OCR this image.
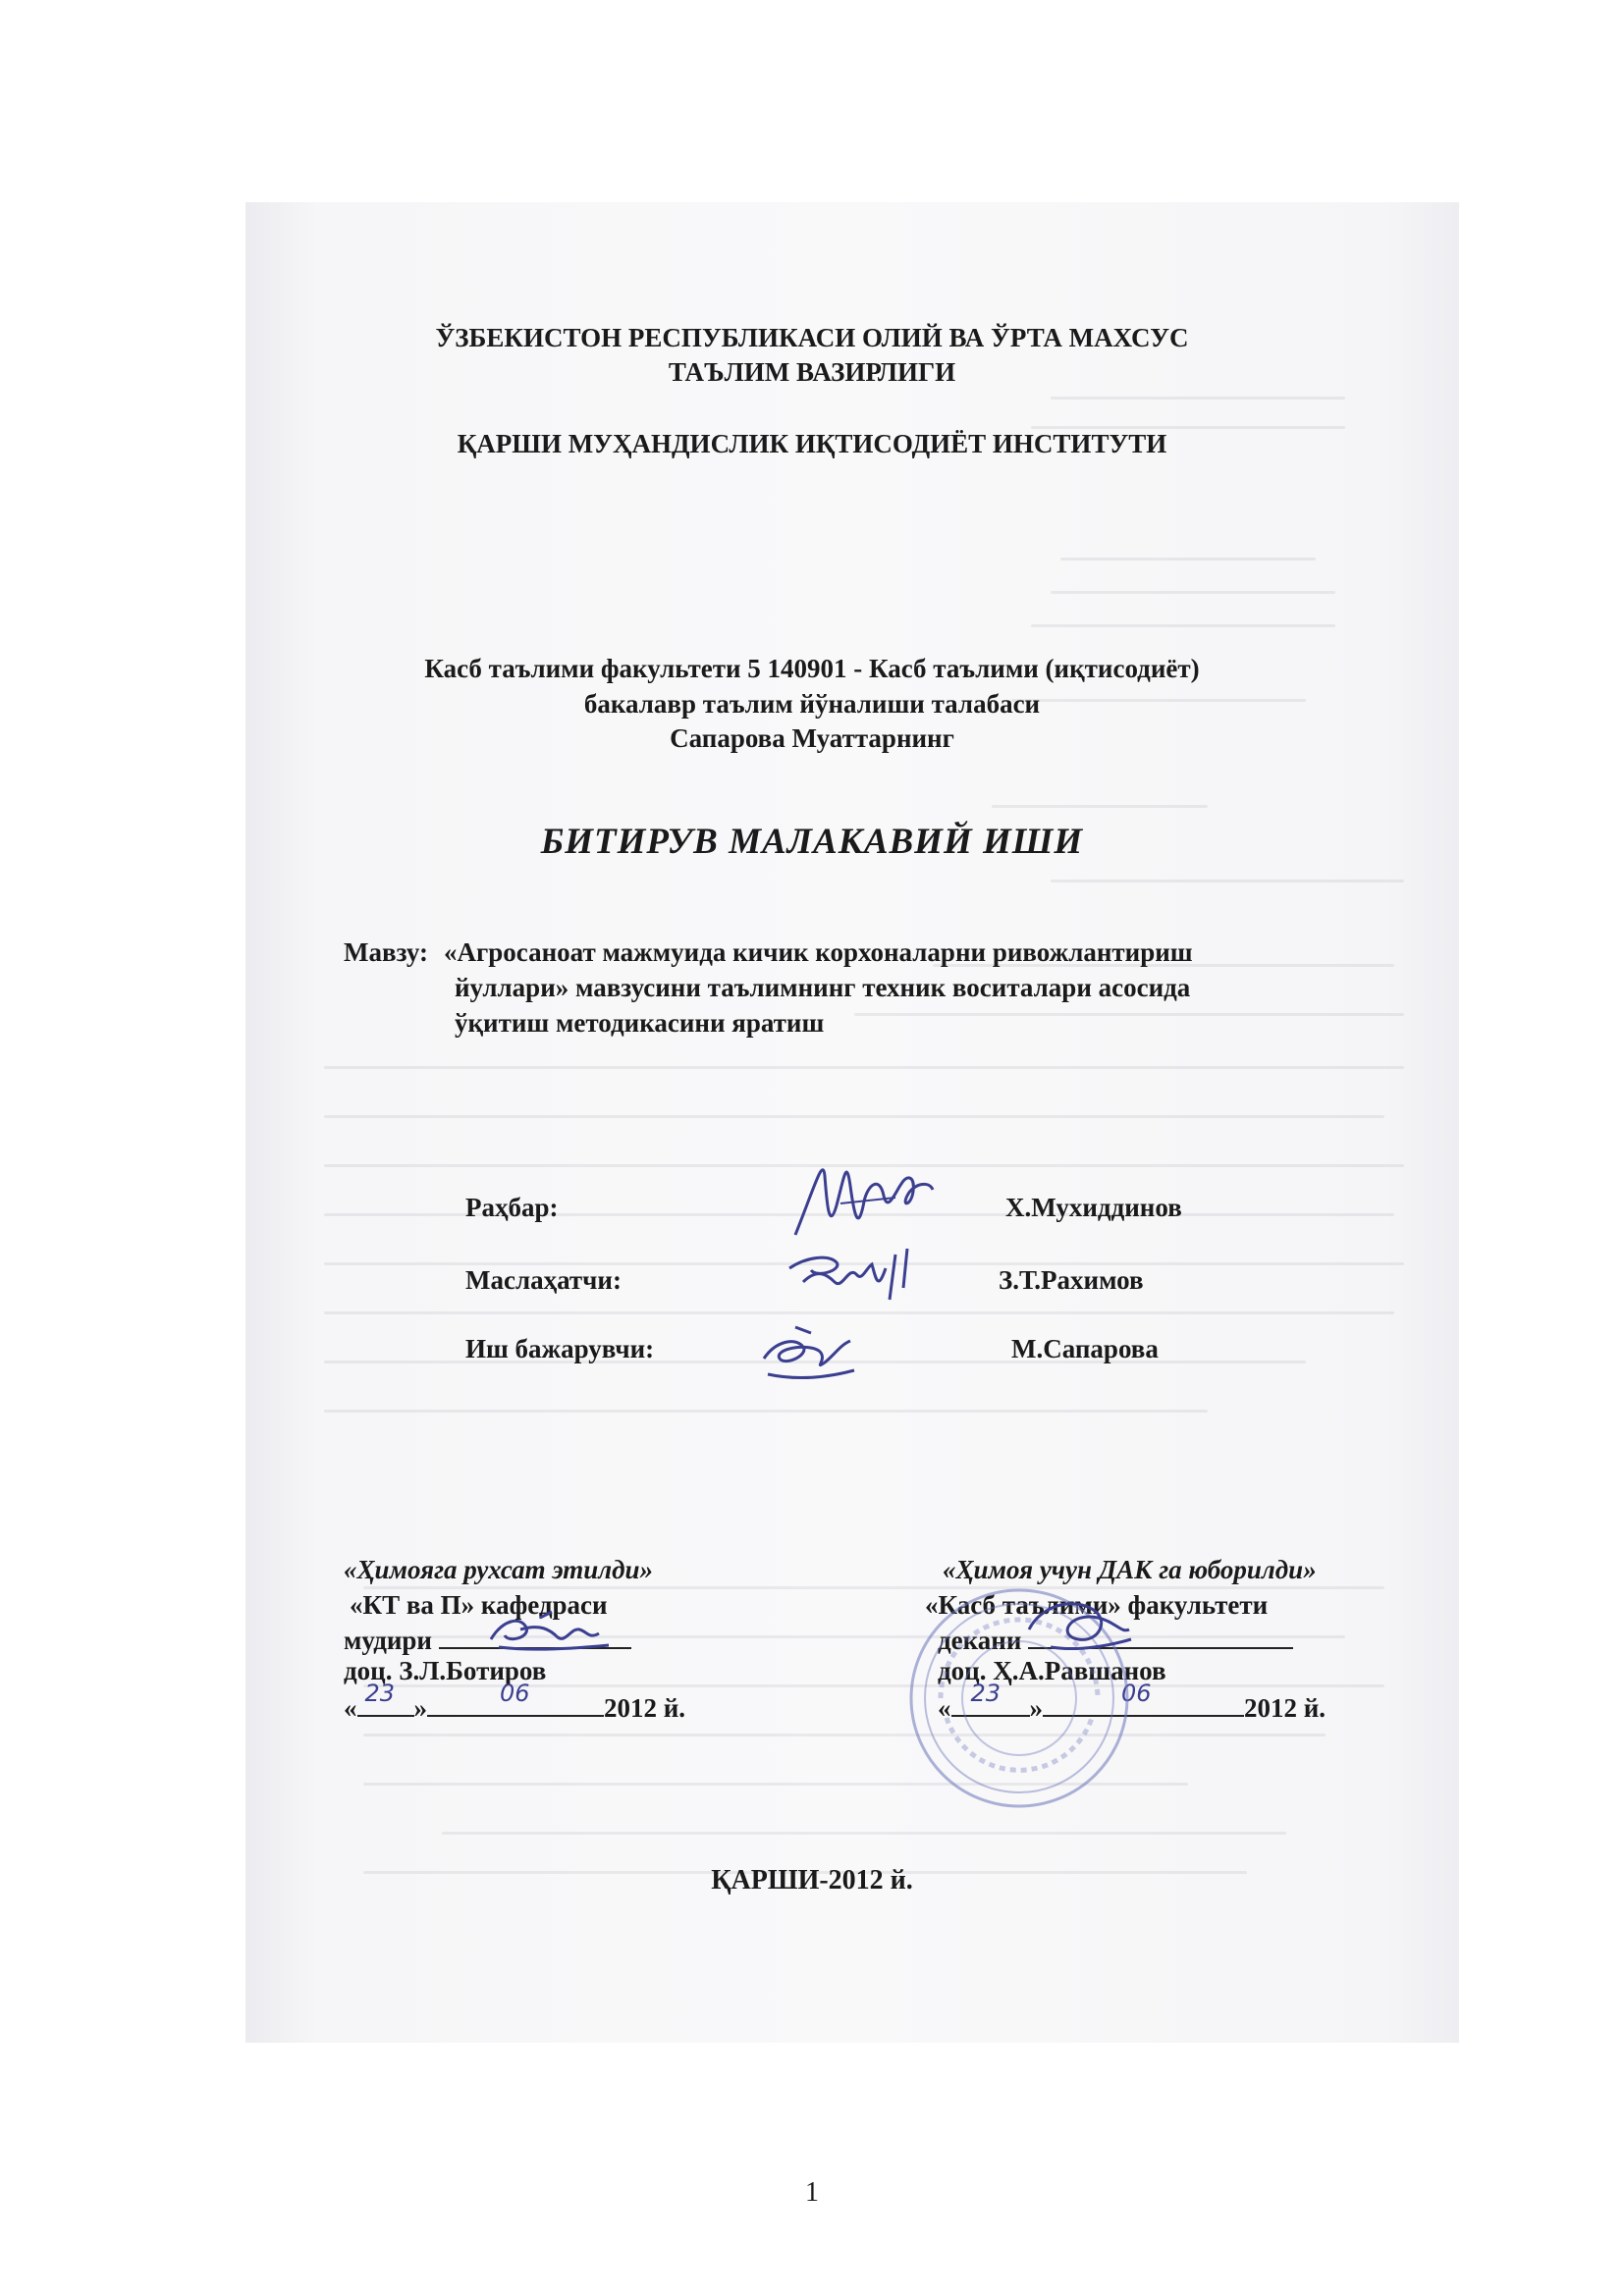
ЎЗБЕКИСТОН РЕСПУБЛИКАСИ ОЛИЙ ВА ЎРТА МАХСУС
ТАЪЛИМ ВАЗИРЛИГИ
ҚАРШИ МУҲАНДИСЛИК ИҚТИСОДИЁТ ИНСТИТУТИ
Касб таълими факультети 5 140901 - Касб таълими (иқтисодиёт)
бакалавр таълим йўналиши талабаси
Сапарова Муаттарнинг
БИТИРУВ МАЛАКАВИЙ ИШИ
Мавзу: «Агросаноат мажмуида кичик корхоналарни ривожлантириш
йуллари» мавзусини таълимнинг техник воситалари асосида
ўқитиш методикасини яратиш
Раҳбар:	Х.Мухиддинов
Маслаҳатчи:	З.Т.Рахимов
Иш бажарувчи:	М.Сапарова
«Ҳимояга рухсат этилди»
«КТ ва П» кафедраси
мудири
доц. З.Л.Ботиров
« 23 »	06	2012 й.
«Ҳимоя учун ДАК га юборилди»
«Касб таълими» факультети
декани
доц. Ҳ.А.Равшанов
« 23 »	06	2012 й.
ҚАРШИ-2012 й.
1
